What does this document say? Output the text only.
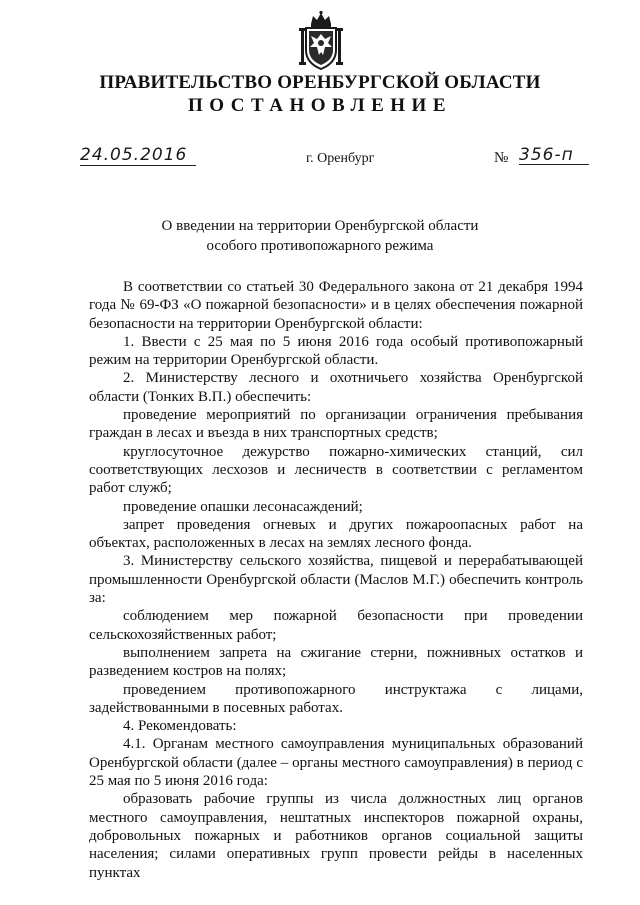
ПРАВИТЕЛЬСТВО ОРЕНБУРГСКОЙ ОБЛАСТИ
ПОСТАНОВЛЕНИЕ
24.05.2016	г. Оренбург	№ 356-п
О введении на территории Оренбургской области
особого противопожарного режима

В соответствии со статьей 30 Федерального закона от 21 декабря 1994 года № 69-ФЗ «О пожарной безопасности» и в целях обеспечения пожарной безопасности на территории Оренбургской области:

1. Ввести с 25 мая по 5 июня 2016 года особый противопожарный режим на территории Оренбургской области.

2. Министерству лесного и охотничьего хозяйства Оренбургской области (Тонких В.П.) обеспечить:

проведение мероприятий по организации ограничения пребывания граждан в лесах и въезда в них транспортных средств;

круглосуточное дежурство пожарно-химических станций, сил соответствующих лесхозов и лесничеств в соответствии с регламентом работ служб;

проведение опашки лесонасаждений;

запрет проведения огневых и других пожароопасных работ на объектах, расположенных в лесах на землях лесного фонда.

3. Министерству сельского хозяйства, пищевой и перерабатывающей промышленности Оренбургской области (Маслов М.Г.) обеспечить контроль за:

соблюдением мер пожарной безопасности при проведении сельскохозяйственных работ;

выполнением запрета на сжигание стерни, пожнивных остатков и разведением костров на полях;

проведением противопожарного инструктажа с лицами, задействованными в посевных работах.

4. Рекомендовать:

4.1. Органам местного самоуправления муниципальных образований Оренбургской области (далее – органы местного самоуправления) в период с 25 мая по 5 июня 2016 года:

образовать рабочие группы из числа должностных лиц органов местного самоуправления, нештатных инспекторов пожарной охраны, добровольных пожарных и работников органов социальной защиты населения; силами оперативных групп провести рейды в населенных пунктах
